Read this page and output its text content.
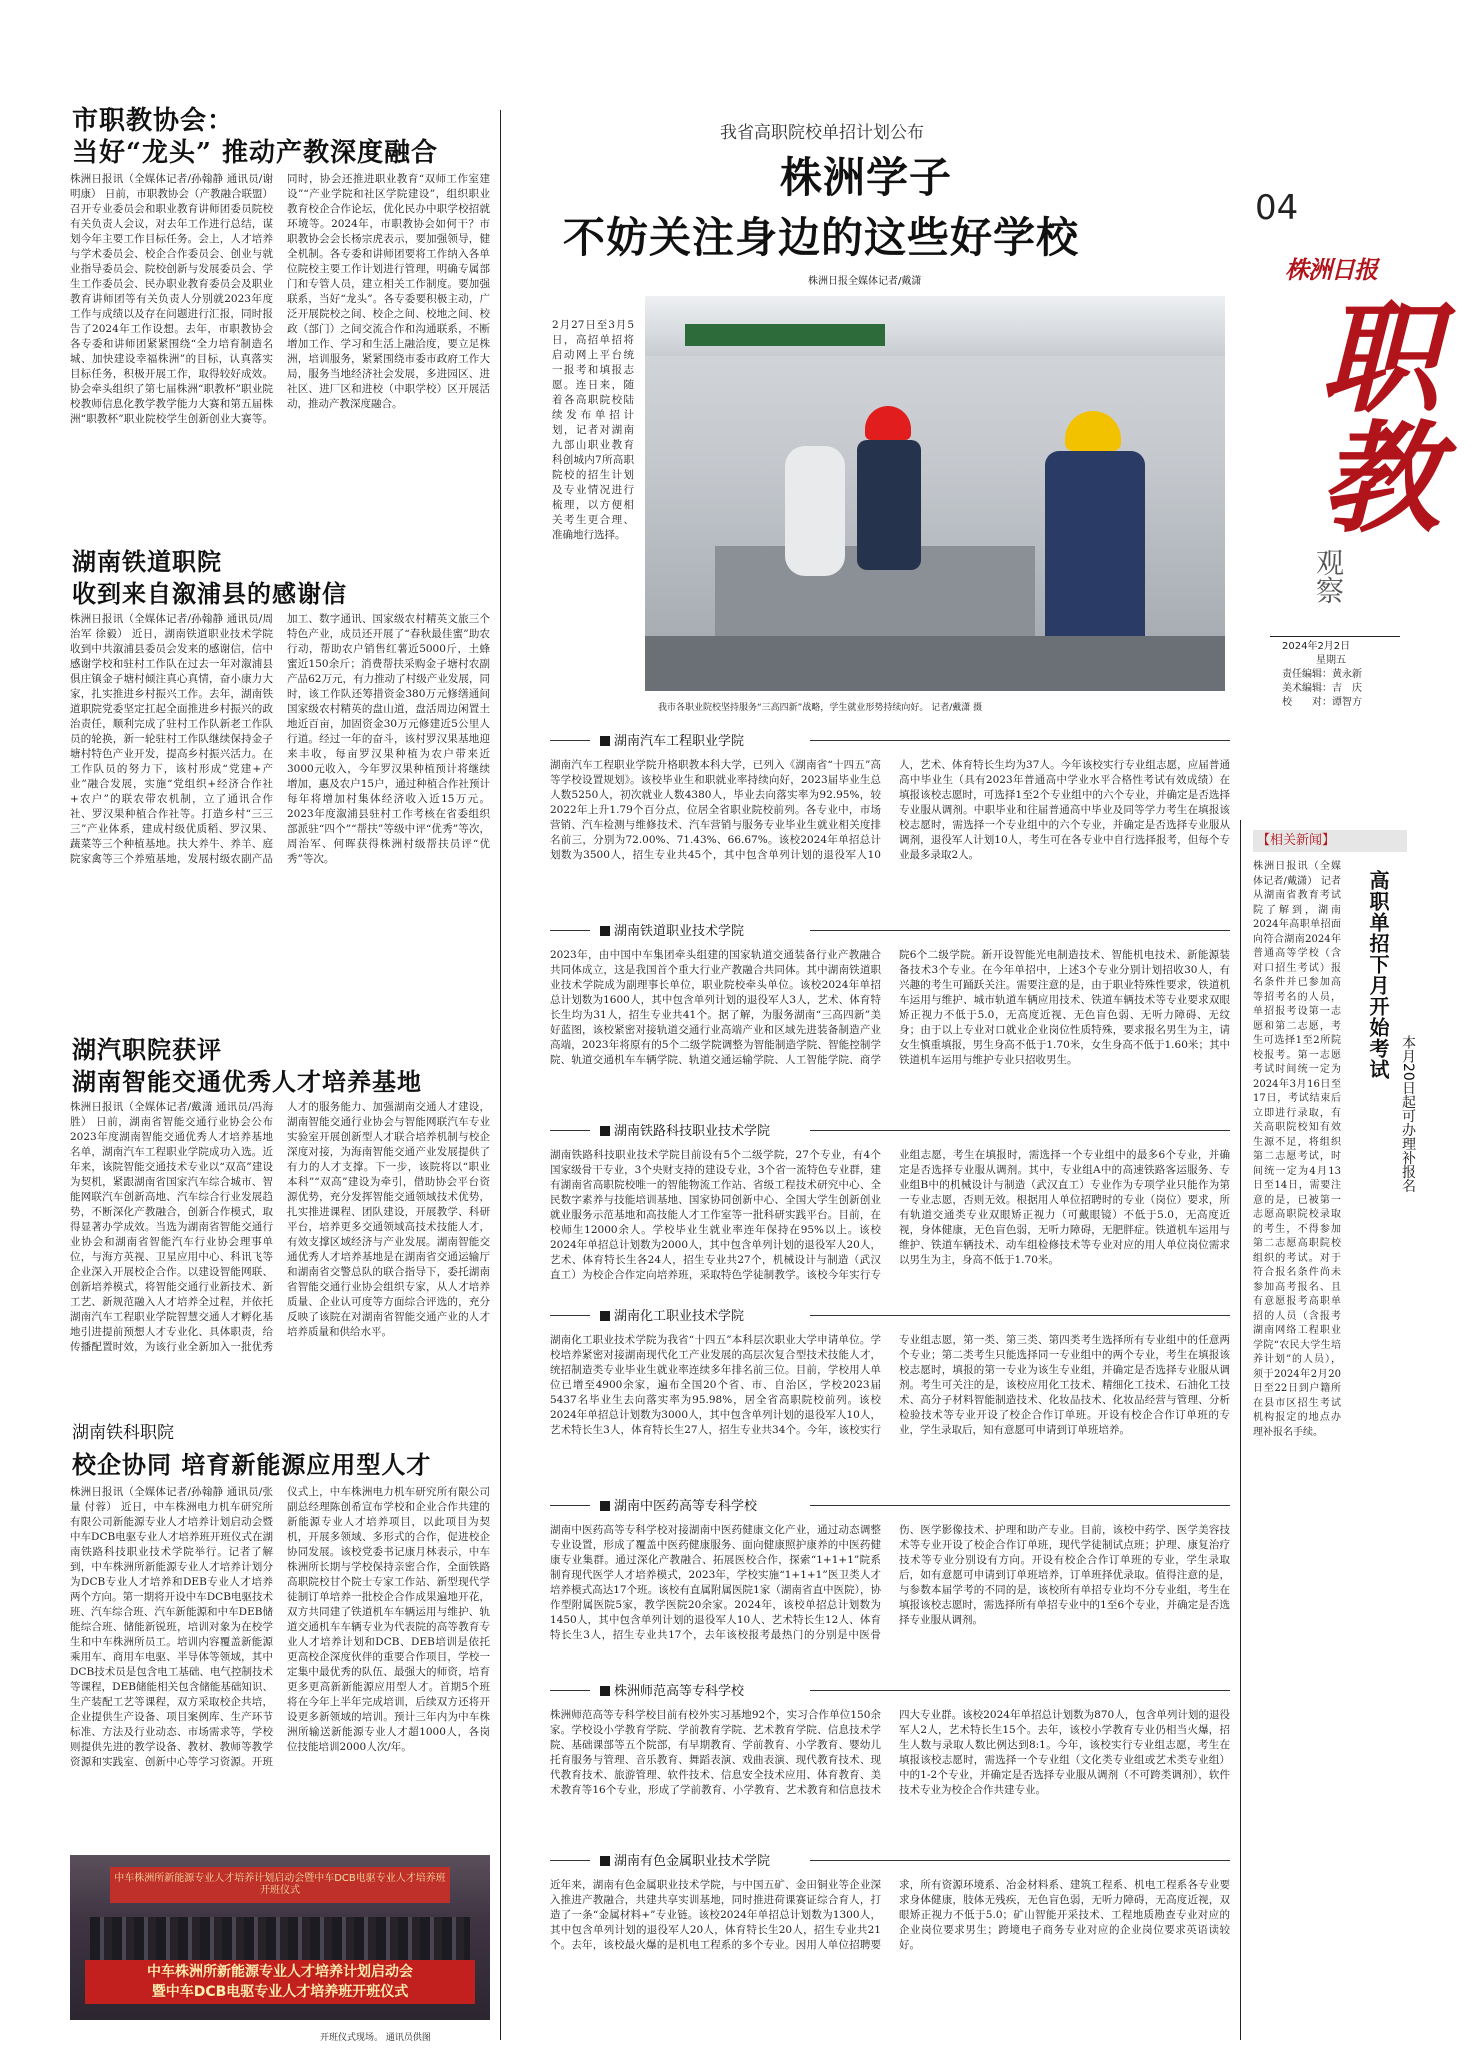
市职教协会：
当好“龙头” 推动产教深度融合
株洲日报讯（全媒体记者/孙翰静 通讯员/谢明康） 日前，市职教协会（产教融合联盟）召开专业委员会和职业教育讲师团委员院校有关负责人会议，对去年工作进行总结，谋划今年主要工作目标任务。会上，人才培养与学术委员会、校企合作委员会、创业与就业指导委员会、院校创新与发展委员会、学生工作委员会、民办职业教育委员会及职业教育讲师团等有关负责人分别就2023年度工作与成绩以及存在问题进行汇报，同时报告了2024年工作设想。去年，市职教协会各专委和讲师团紧紧围绕“全力培育制造名城、加快建设幸福株洲”的目标，认真落实目标任务，积极开展工作，取得较好成效。协会牵头组织了第七届株洲“职教杯”职业院校教师信息化教学教学能力大赛和第五届株洲“职教杯”职业院校学生创新创业大赛等。同时，协会还推进职业教育“双师工作室建设”“产业学院和社区学院建设”，组织职业教育校企合作论坛，优化民办中职学校招就环境等。2024年，市职教协会如何干？市职教协会会长杨宗虎表示，要加强领导，健全机制。各专委和讲师团要将工作纳入各单位院校主要工作计划进行管理，明确专属部门和专管人员，建立相关工作制度。要加强联系，当好“龙头”。各专委要积极主动，广泛开展院校之间、校企之间、校地之间、校政（部门）之间交流合作和沟通联系，不断增加工作、学习和生活上融洽度，要立足株洲，培训服务，紧紧围绕市委市政府工作大局，服务当地经济社会发展，多进园区、进社区、进厂区和进校（中职学校）区开展活动，推动产教深度融合。
湖南铁道职院
收到来自溆浦县的感谢信
株洲日报讯（全媒体记者/孙翰静 通讯员/周治军 徐毅） 近日，湖南铁道职业技术学院收到中共溆浦县委员会发来的感谢信，信中感谢学校和驻村工作队在过去一年对溆浦县俱庄镇金子塘村倾注真心真情，奋小康力大家，扎实推进乡村振兴工作。去年，湖南铁道职院党委坚定扛起全面推进乡村振兴的政治责任，顺利完成了驻村工作队新老工作队员的轮换，新一轮驻村工作队继续保持金子塘村特色产业开发，提高乡村振兴活力。在工作队员的努力下，该村形成“党建+产业”融合发展，实施“党组织+经济合作社+农户”的联农带农机制，立了通讯合作社、罗汉果种植合作社等。打造乡村“三三三”产业体系，建成村级优质稻、罗汉果、蔬菜等三个种植基地。扶大养牛、养羊、庭院家禽等三个养殖基地，发展村级农副产品加工、数字通讯、国家级农村精英文旅三个特色产业，成员还开展了“春秋最佳蜜”助农行动，帮助农户销售红薯近5000斤，土蜂蜜近150余斤；消费帮扶采购金子塘村农副产品62万元，有力推动了村级产业发展，同时，该工作队还筹措资金380万元修缮通间国家级农村精英的盘山道，盘活周边闲置土地近百亩，加固资金30万元修建近5公里人行道。经过一年的奋斗，该村罗汉果基地迎来丰收，每亩罗汉果种植为农户带来近3000元收入，今年罗汉果种植预计将继续增加，惠及农户15户，通过种植合作社预计每年将增加村集体经济收入近15万元。2023年度溆浦县驻村工作考核在省委组织部派驻“四个”“帮扶”等级中评“优秀”等次，周治军、何晖获得株洲村级帮扶员评“优秀”等次。
湖汽职院获评
湖南智能交通优秀人才培养基地
株洲日报讯（全媒体记者/戴潇 通讯员/冯海胜） 日前，湖南省智能交通行业协会公布2023年度湖南智能交通优秀人才培养基地名单，湖南汽车工程职业学院成功入选。近年来，该院智能交通技术专业以“双高”建设为契机，紧跟湖南省国家汽车综合城市、智能网联汽车创新高地、汽车综合行业发展趋势，不断深化产教融合，创新合作模式，取得显著办学成效。当选为湖南省智能交通行业协会和湖南省智能汽车行业协会理事单位，与海方英视、卫星应用中心、科讯飞等企业深入开展校企合作。以建设智能网联、创新培养模式，将智能交通行业新技术、新工艺、新规范融入人才培养全过程，并依托湖南汽车工程职业学院智慧交通人才孵化基地引进提前预想人才专业化、具体职责，给传播配置时效，为该行业全新加入一批优秀人才的服务能力、加强湖南交通人才建设，湖南智能交通行业协会与智能网联汽车专业实验室开展创新型人才联合培养机制与校企深度对接，为海南智能交通产业发展提供了有力的人才支撑。下一步，该院将以“职业本科”“双高”建设为牵引，借助协会平台资源优势，充分发挥智能交通领域技术优势，扎实推进课程、团队建设，开展教学、科研平台，培养更多交通领域高技术技能人才，有效支撑区域经济与产业发展。湖南智能交通优秀人才培养基地是在湖南省交通运输厅和湖南省交警总队的联合指导下，委托湖南省智能交通行业协会组织专家，从人才培养质量、企业认可度等方面综合评选的，充分反映了该院在对湖南省智能交通产业的人才培养质量和供给水平。
湖南铁科职院
校企协同 培育新能源应用型人才
株洲日报讯（全媒体记者/孙翰静 通讯员/张量 付蓉） 近日，中车株洲电力机车研究所有限公司新能源专业人才培养计划启动会暨中车DCB电驱专业人才培养班开班仪式在湖南铁路科技职业技术学院举行。记者了解到，中车株洲所新能源专业人才培养计划分为DCB专业人才培养和DEB专业人才培养两个方向。第一期将开设中车DCB电驱技术班、汽车综合班、汽车新能源和中车DEB储能综合班、储能新锐班，培训对象为在校学生和中车株洲所员工。培训内容覆盖新能源乘用车、商用车电驱、半导体等领域，其中DCB技术员是包含电工基础、电气控制技术等课程，DEB储能相关包含储能基础知识、生产装配工艺等课程，双方采取校企共培，企业提供生产设备、项目案例库、生产环节标准、方法及行业动态、市场需求等，学校则提供先进的教学设备、教材、教师等教学资源和实践室、创新中心等学习资源。开班仪式上，中车株洲电力机车研究所有限公司副总经理陈创希宣布学校和企业合作共建的新能源专业人才培养项目，以此项目为契机，开展多领域、多形式的合作，促进校企协同发展。该校党委书记康月林表示，中车株洲所长期与学校保持亲密合作，全面铁路高职院校甘个院士专家工作站、新型现代学徒制订单培养一批校企合作成果遍地开花，双方共同建了铁道机车车辆运用与维护、轨道交通机车车辆专业为代表院的高等教育专业人才培养计划和DCB、DEB培训是依托更高校企深度伙伴的重要合作项目，学校一定集中最优秀的队伍、最强大的师资，培育更多更高新新能源应用型人才。首期5个班将在今年上半年完成培训，后续双方还将开设更多新领域的培训。预计三年内为中车株洲所输送新能源专业人才超1000人，各岗位技能培训2000人次/年。
中车株洲所新能源专业人才培养计划启动会暨中车DCB电驱专业人才培养班开班仪式
中车株洲所新能源专业人才培养计划启动会
暨中车DCB电驱专业人才培养班开班仪式
开班仪式现场。 通讯员供图
我省高职院校单招计划公布
株洲学子
不妨关注身边的这些好学校
株洲日报全媒体记者/戴潇
2月27日至3月5日，高招单招将启动网上平台统一报考和填报志愿。连日来，随着各高职院校陆续发布单招计划，记者对湖南九部山职业教育科创城内7所高职院校的招生计划及专业情况进行梳理，以方便相关考生更合理、准确地行选择。
我市各职业院校坚持服务“三高四新”战略，学生就业形势持续向好。 记者/戴潇 摄
湖南汽车工程职业学院
湖南汽车工程职业学院升格职教本科大学，已列入《湖南省“十四五”高等学校设置规划》。该校毕业生和职就业率持续向好，2023届毕业生总人数5250人，初次就业人数4380人，毕业去向落实率为92.95%，较2022年上升1.79个百分点，位居全省职业院校前列。各专业中，市场营销、汽车检测与维修技术、汽车营销与服务专业毕业生就业相关度排名前三，分别为72.00%、71.43%、66.67%。该校2024年单招总计划数为3500人，招生专业共45个，其中包含单列计划的退役军人10人，艺术、体育特长生均为37人。今年该校实行专业组志愿，应届普通高中毕业生（具有2023年普通高中学业水平合格性考试有效成绩）在填报该校志愿时，可选择1至2个专业组中的六个专业，并确定是否选择专业服从调剂。中职毕业和往届普通高中毕业及同等学力考生在填报该校志愿时，需选择一个专业组中的六个专业，并确定是否选择专业服从调剂，退役军人计划10人，考生可在各专业中自行选择报考，但每个专业最多录取2人。
湖南铁道职业技术学院
2023年，由中国中车集团牵头组建的国家轨道交通装备行业产教融合共同体成立，这是我国首个重大行业产教融合共同体。其中湖南铁道职业技术学院成为副理事长单位，职业院校牵头单位。该校2024年单招总计划数为1600人，其中包含单列计划的退役军人3人，艺术、体育特长生均为31人，招生专业共41个。据了解，为服务湖南“三高四新”美好蓝图，该校紧密对接轨道交通行业高端产业和区域先进装备制造产业高端，2023年将原有的5个二级学院调整为智能制造学院、智能控制学院、轨道交通机车车辆学院、轨道交通运输学院、人工智能学院、商学院6个二级学院。新开设智能光电制造技术、智能机电技术、新能源装备技术3个专业。在今年单招中，上述3个专业分别计划招收30人，有兴趣的考生可踊跃关注。需要注意的是，由于职业特殊性要求，铁道机车运用与维护、城市轨道车辆应用技术、铁道车辆技术等专业要求双眼矫正视力不低于5.0，无高度近视、无色盲色弱、无听力障碍、无纹身；由于以上专业对口就业企业岗位性质特殊，要求报名男生为主，请女生慎重填报，男生身高不低于1.70米，女生身高不低于1.60米；其中铁道机车运用与维护专业只招收男生。
湖南铁路科技职业技术学院
湖南铁路科技职业技术学院目前设有5个二级学院，27个专业，有4个国家级骨干专业，3个央财支持的建设专业，3个省一流特色专业群，建有湖南省高职院校唯一的智能物流工作站、省级工程技术研究中心、全民数字素养与技能培训基地、国家协同创新中心、全国大学生创新创业就业服务示范基地和高技能人才工作室等一批科研实践平台。目前，在校师生12000余人。学校毕业生就业率连年保持在95%以上。该校2024年单招总计划数为2000人，其中包含单列计划的退役军人20人，艺术、体育特长生各24人，招生专业共27个，机械设计与制造（武汉直工）为校企合作定向培养班，采取特色学徒制教学。该校今年实行专业组志愿，考生在填报时，需选择一个专业组中的最多6个专业，并确定是否选择专业服从调剂。其中，专业组A中的高速铁路客运服务、专业组B中的机械设计与制造（武汉直工）专业作为专项学业只能作为第一专业志愿，否则无效。根据用人单位招聘时的专业（岗位）要求，所有轨道交通类专业双眼矫正视力（可戴眼镜）不低于5.0，无高度近视，身体健康，无色盲色弱，无听力障碍，无肥胖症。铁道机车运用与维护、铁道车辆技术、动车组检修技术等专业对应的用人单位岗位需求以男生为主，身高不低于1.70米。
湖南化工职业技术学院
湖南化工职业技术学院为我省“十四五”本科层次职业大学申请单位。学校培养紧密对接湖南现代化工产业发展的高层次复合型技术技能人才，统招制造类专业毕业生就业率连续多年排名前三位。目前，学校用人单位已增至4900余家，遍布全国20个省、市、自治区，学校2023届5437名毕业生去向落实率为95.98%，居全省高职院校前列。该校2024年单招总计划数为3000人，其中包含单列计划的退役军人10人，艺术特长生3人，体育特长生27人，招生专业共34个。今年，该校实行专业组志愿，第一类、第三类、第四类考生选择所有专业组中的任意两个专业；第二类考生只能选择同一专业组中的两个专业，考生在填报该校志愿时，填报的第一专业为该生专业组，并确定是否选择专业服从调剂。考生可关注的是，该校应用化工技术、精细化工技术、石油化工技术、高分子材料智能制造技术、化妆品技术、化妆品经营与管理、分析检验技术等专业开设了校企合作订单班。开设有校企合作订单班的专业，学生录取后，知有意愿可申请到订单班培养。
湖南中医药高等专科学校
湖南中医药高等专科学校对接湖南中医药健康文化产业，通过动态调整专业设置，形成了覆盖中医药健康服务、面向健康照护康养的中医药健康专业集群。通过深化产教融合、拓展医校合作，探索“1+1+1”院系制育现代医学人才培养模式，2023年，学校实施“1+1+1”医卫类人才培养模式高达17个班。该校有直属附属医院1家（湖南省直中医院），协作型附属医院5家，教学医院20余家。2024年，该校单招总计划数为1450人，其中包含单列计划的退役军人10人、艺术特长生12人、体育特长生3人，招生专业共17个，去年该校报考最热门的分别是中医骨伤、医学影像技术、护理和助产专业。目前，该校中药学、医学美容技术等专业开设了校企合作订单班，现代学徒制试点班；护理、康复治疗技术等专业分别设有方向。开设有校企合作订单班的专业，学生录取后，如有意愿可申请到订单班培养，订单班择优录取。值得注意的是，与参数本届学考的不同的是，该校所有单招专业均不分专业组，考生在填报该校志愿时，需选择所有单招专业中的1至6个专业，并确定是否选择专业服从调剂。
株洲师范高等专科学校
株洲师范高等专科学校目前有校外实习基地92个，实习合作单位150余家。学校设小学教育学院、学前教育学院、艺术教育学院、信息技术学院、基础课部等五个院部，有早期教育、学前教育、小学教育、婴幼儿托育服务与管理、音乐教育、舞蹈表演、戏曲表演、现代教育技术、现代教育技术、旅游管理、软件技术、信息安全技术应用、体育教育、美术教育等16个专业，形成了学前教育、小学教育、艺术教育和信息技术四大专业群。该校2024年单招总计划数为870人，包含单列计划的退役军人2人，艺术特长生15个。去年，该校小学教育专业仍相当火爆，招生人数与录取人数比例达到8:1。今年，该校实行专业组志愿，考生在填报该校志愿时，需选择一个专业组（文化类专业组或艺术类专业组）中的1-2个专业，并确定是否选择专业服从调剂（不可跨类调剂），软件技术专业为校企合作共建专业。
湖南有色金属职业技术学院
近年来，湖南有色金属职业技术学院，与中国五矿、金田铜业等企业深入推进产教融合，共建共享实训基地，同时推进荷课赛证综合育人，打造了一条“金属材料+”专业链。该校2024年单招总计划数为1300人，其中包含单列计划的退役军人20人，体育特长生20人，招生专业共21个。去年，该校最火爆的是机电工程系的多个专业。因用人单位招聘要求，所有资源环境系、冶金材料系、建筑工程系、机电工程系各专业要求身体健康，肢体无残疾，无色盲色弱，无听力障碍，无高度近视，双眼矫正视力不低于5.0；矿山智能开采技术、工程地质勘查专业对应的企业岗位要求男生；跨境电子商务专业对应的企业岗位要求英语读较好。
04
株洲日报
职教
观察
2024年2月2日
星期五
责任编辑：黄永新
美术编辑：吉　庆
校　　对：谭智方
【相关新闻】
株洲日报讯（全媒体记者/戴潇） 记者从湖南省教育考试院了解到，湖南2024年高职单招面向符合湖南2024年普通高等学校（含对口招生考试）报名条件并已参加高等招考名的人员，单招报考设第一志愿和第二志愿，考生可选择1至2所院校报考。第一志愿考试时间统一定为2024年3月16日至17日，考试结束后立即进行录取，有关高职院校知有效生源不足，将组织第二志愿考试，时间统一定为4月13日至14日，需要注意的是，已被第一志愿高职院校录取的考生，不得参加第二志愿高职院校组织的考试。对于符合报名条件尚未参加高考报名、且有意愿报考高职单招的人员（含报考湖南网络工程职业学院“农民大学生培养计划”的人员），须于2024年2月20日至22日到户籍所在县市区招生考试机构报定的地点办理补报名手续。
高职单招下月开始考试
本月20日起可办理补报名
